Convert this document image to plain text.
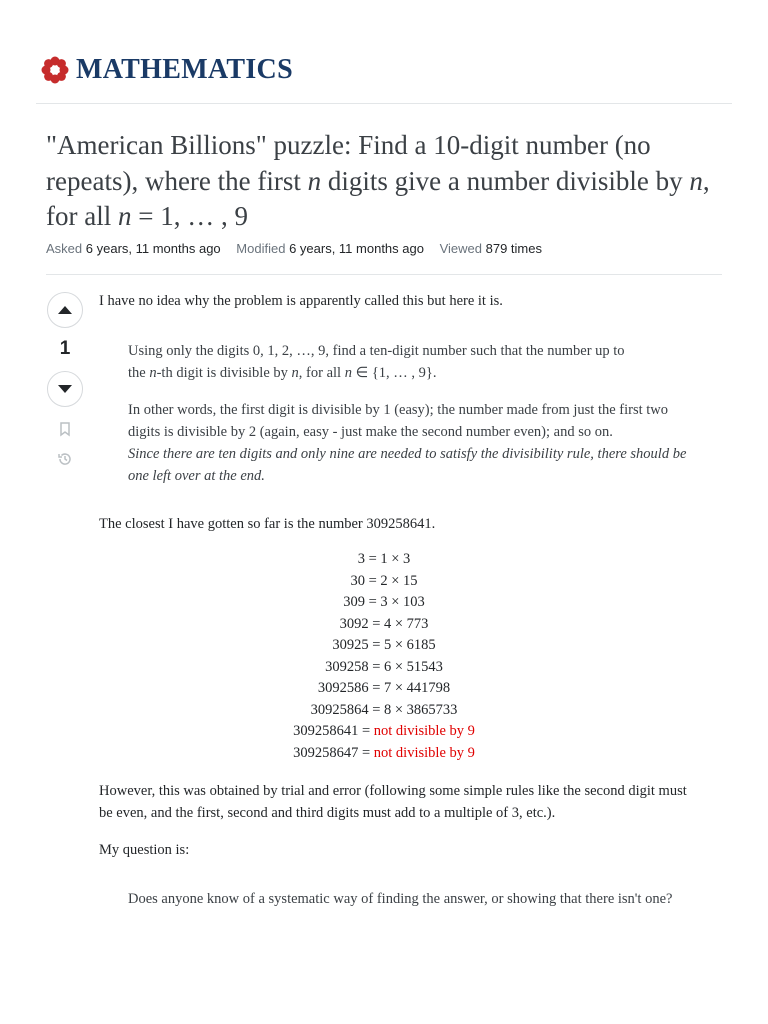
MATHEMATICS
"American Billions" puzzle: Find a 10-digit number (no repeats), where the first n digits give a number divisible by n, for all n = 1, … , 9
Asked 6 years, 11 months ago Modified 6 years, 11 months ago Viewed 879 times
1

I have no idea why the problem is apparently called this but here it is.

Using only the digits 0, 1, 2, …, 9, find a ten-digit number such that the number up to

the n-th digit is divisible by n, for all n ∈ {1, … , 9}.

In other words, the first digit is divisible by 1 (easy); the number made from just the first two digits is divisible by 2 (again, easy - just make the second number even); and so on.
Since there are ten digits and only nine are needed to satisfy the divisibility rule, there should be one left over at the end.

The closest I have gotten so far is the number 309258641.

3 = 1 × 3
30 = 2 × 15
309 = 3 × 103
3092 = 4 × 773
30925 = 5 × 6185
309258 = 6 × 51543
3092586 = 7 × 441798
30925864 = 8 × 3865733
309258641 = not divisible by 9
309258647 = not divisible by 9

However, this was obtained by trial and error (following some simple rules like the second digit must be even, and the first, second and third digits must add to a multiple of 3, etc.).

My question is:

Does anyone know of a systematic way of finding the answer, or showing that there isn't one?
